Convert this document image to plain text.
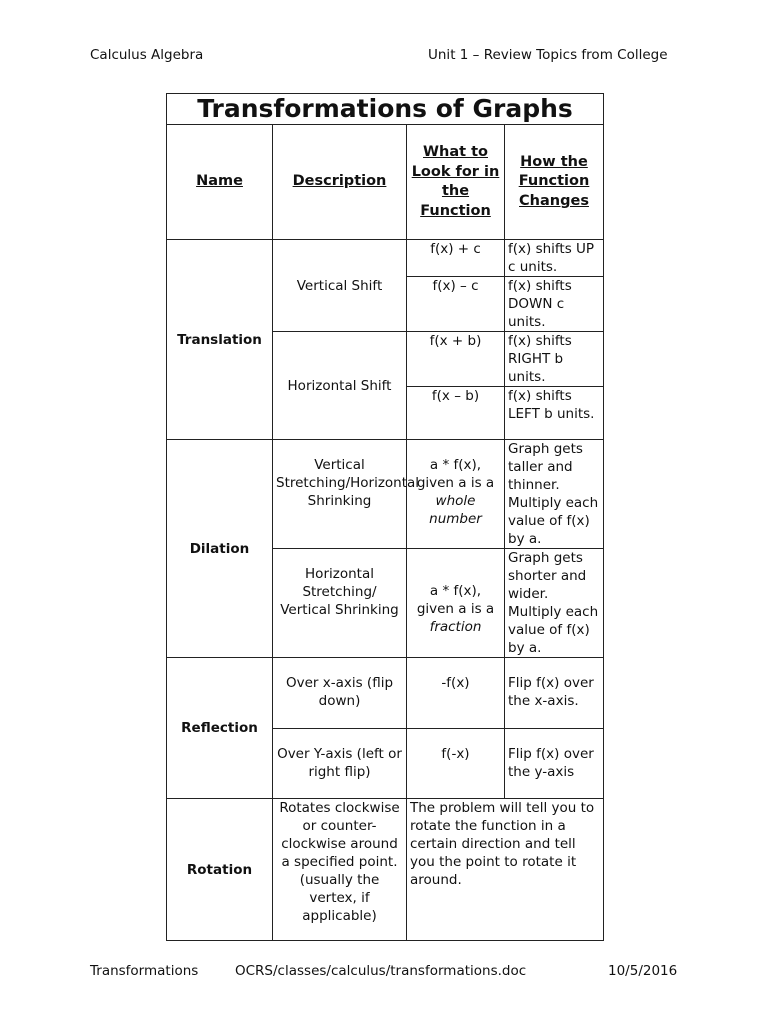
Calculus Algebra	Unit 1 – Review Topics from College
Transformations of Graphs			
Name	Description	What to Look for in the Function	How the Function Changes
Translation	Vertical Shift	f(x) + c	f(x) shifts UP c units.
		f(x) – c	f(x) shifts DOWN c units.
	Horizontal Shift	f(x + b)	f(x) shifts RIGHT b units.
		f(x – b)	f(x) shifts LEFT b units.
Dilation	Vertical Stretching/Horizontal Shrinking	a * f(x), given a is a whole number	Graph gets taller and thinner. Multiply each value of f(x) by a.

	Horizontal Stretching/ Vertical Shrinking	a * f(x), given a is a fraction	Graph gets shorter and wider. Multiply each value of f(x) by a.
Reflection	Over x-axis (flip down)	-f(x)	Flip f(x) over the x-axis.

	Over Y-axis (left or right flip)	f(-x)	Flip f(x) over the y-axis

Rotation	Rotates clockwise or counter-clockwise around a specified point. (usually the vertex, if applicable)	The problem will tell you to rotate the function in a certain direction and tell you the point to rotate it around.	
Transformations	OCRS/classes/calculus/transformations.doc	10/5/2016
